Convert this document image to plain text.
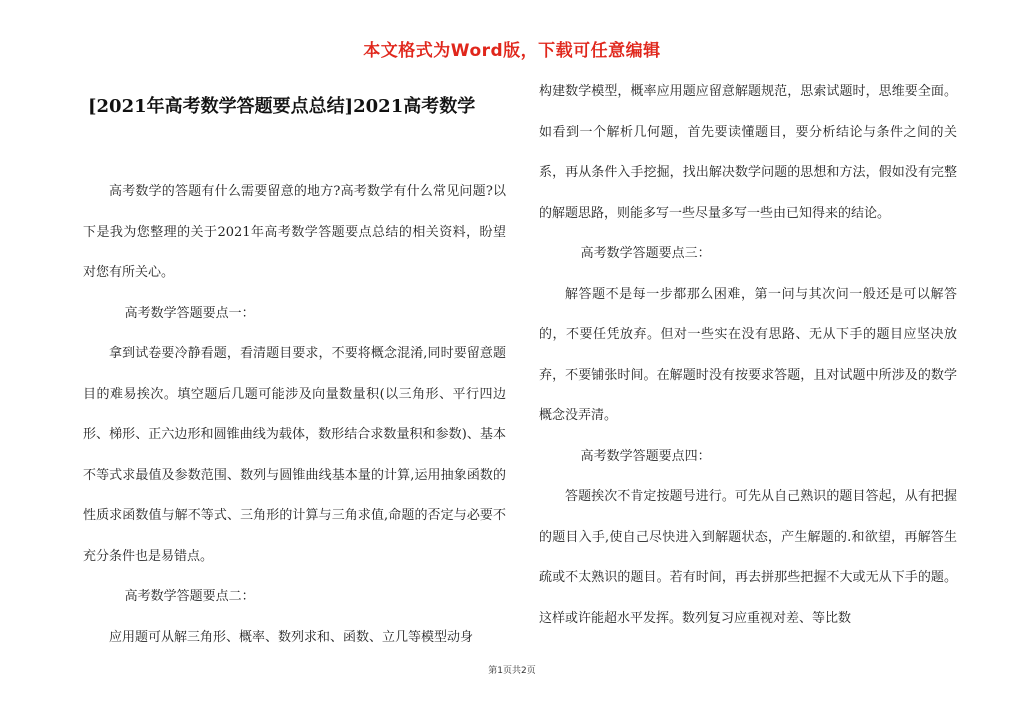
本文格式为Word版，下载可任意编辑
[2021年高考数学答题要点总结]2021高考数学

高考数学的答题有什么需要留意的地方?高考数学有什么常见问题?以下是我为您整理的关于2021年高考数学答题要点总结的相关资料，盼望对您有所关心。

高考数学答题要点一：

拿到试卷要冷静看题，看清题目要求，不要将概念混淆,同时要留意题目的难易挨次。填空题后几题可能涉及向量数量积(以三角形、平行四边形、梯形、正六边形和圆锥曲线为载体，数形结合求数量积和参数)、基本不等式求最值及参数范围、数列与圆锥曲线基本量的计算,运用抽象函数的性质求函数值与解不等式、三角形的计算与三角求值,命题的否定与必要不充分条件也是易错点。

高考数学答题要点二：

应用题可从解三角形、概率、数列求和、函数、立几等模型动身

构建数学模型，概率应用题应留意解题规范，思索试题时，思维要全面。如看到一个解析几何题，首先要读懂题目，要分析结论与条件之间的关系，再从条件入手挖掘，找出解决数学问题的思想和方法，假如没有完整的解题思路，则能多写一些尽量多写一些由已知得来的结论。

高考数学答题要点三：

解答题不是每一步都那么困难，第一问与其次问一般还是可以解答的，不要任凭放弃。但对一些实在没有思路、无从下手的题目应坚决放弃，不要铺张时间。在解题时没有按要求答题，且对试题中所涉及的数学概念没弄清。

高考数学答题要点四：

答题挨次不肯定按题号进行。可先从自己熟识的题目答起，从有把握的题目入手,使自己尽快进入到解题状态，产生解题的.和欲望，再解答生疏或不太熟识的题目。若有时间，再去拼那些把握不大或无从下手的题。这样或许能超水平发挥。数列复习应重视对差、等比数

第1页共2页
